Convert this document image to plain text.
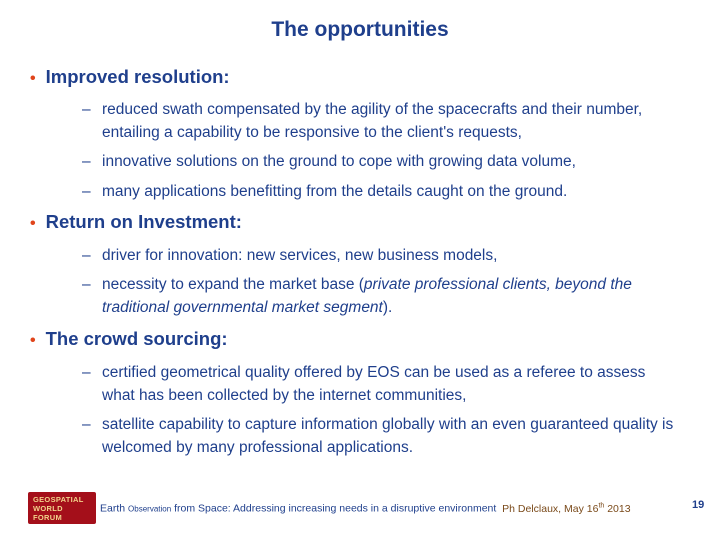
The opportunities
• Improved resolution:
– reduced swath compensated by the agility of the spacecrafts and their number, entailing a capability to be responsive to the client's requests,
– innovative solutions on the ground to cope with growing data volume,
– many applications benefitting from the details caught on the ground.
• Return on Investment:
– driver for innovation: new services, new business models,
– necessity to expand the market base (private professional clients, beyond the traditional governmental market segment).
• The crowd sourcing:
– certified geometrical quality offered by EOS can be used as a referee to assess what has been collected by the internet communities,
– satellite capability to capture information globally with an even guaranteed quality is welcomed by many professional applications.
GEOSPATIAL
WORLD
FORUM
Earth Observation from Space: Addressing increasing needs in a disruptive environment Ph Delclaux, May 16th 2013	19
